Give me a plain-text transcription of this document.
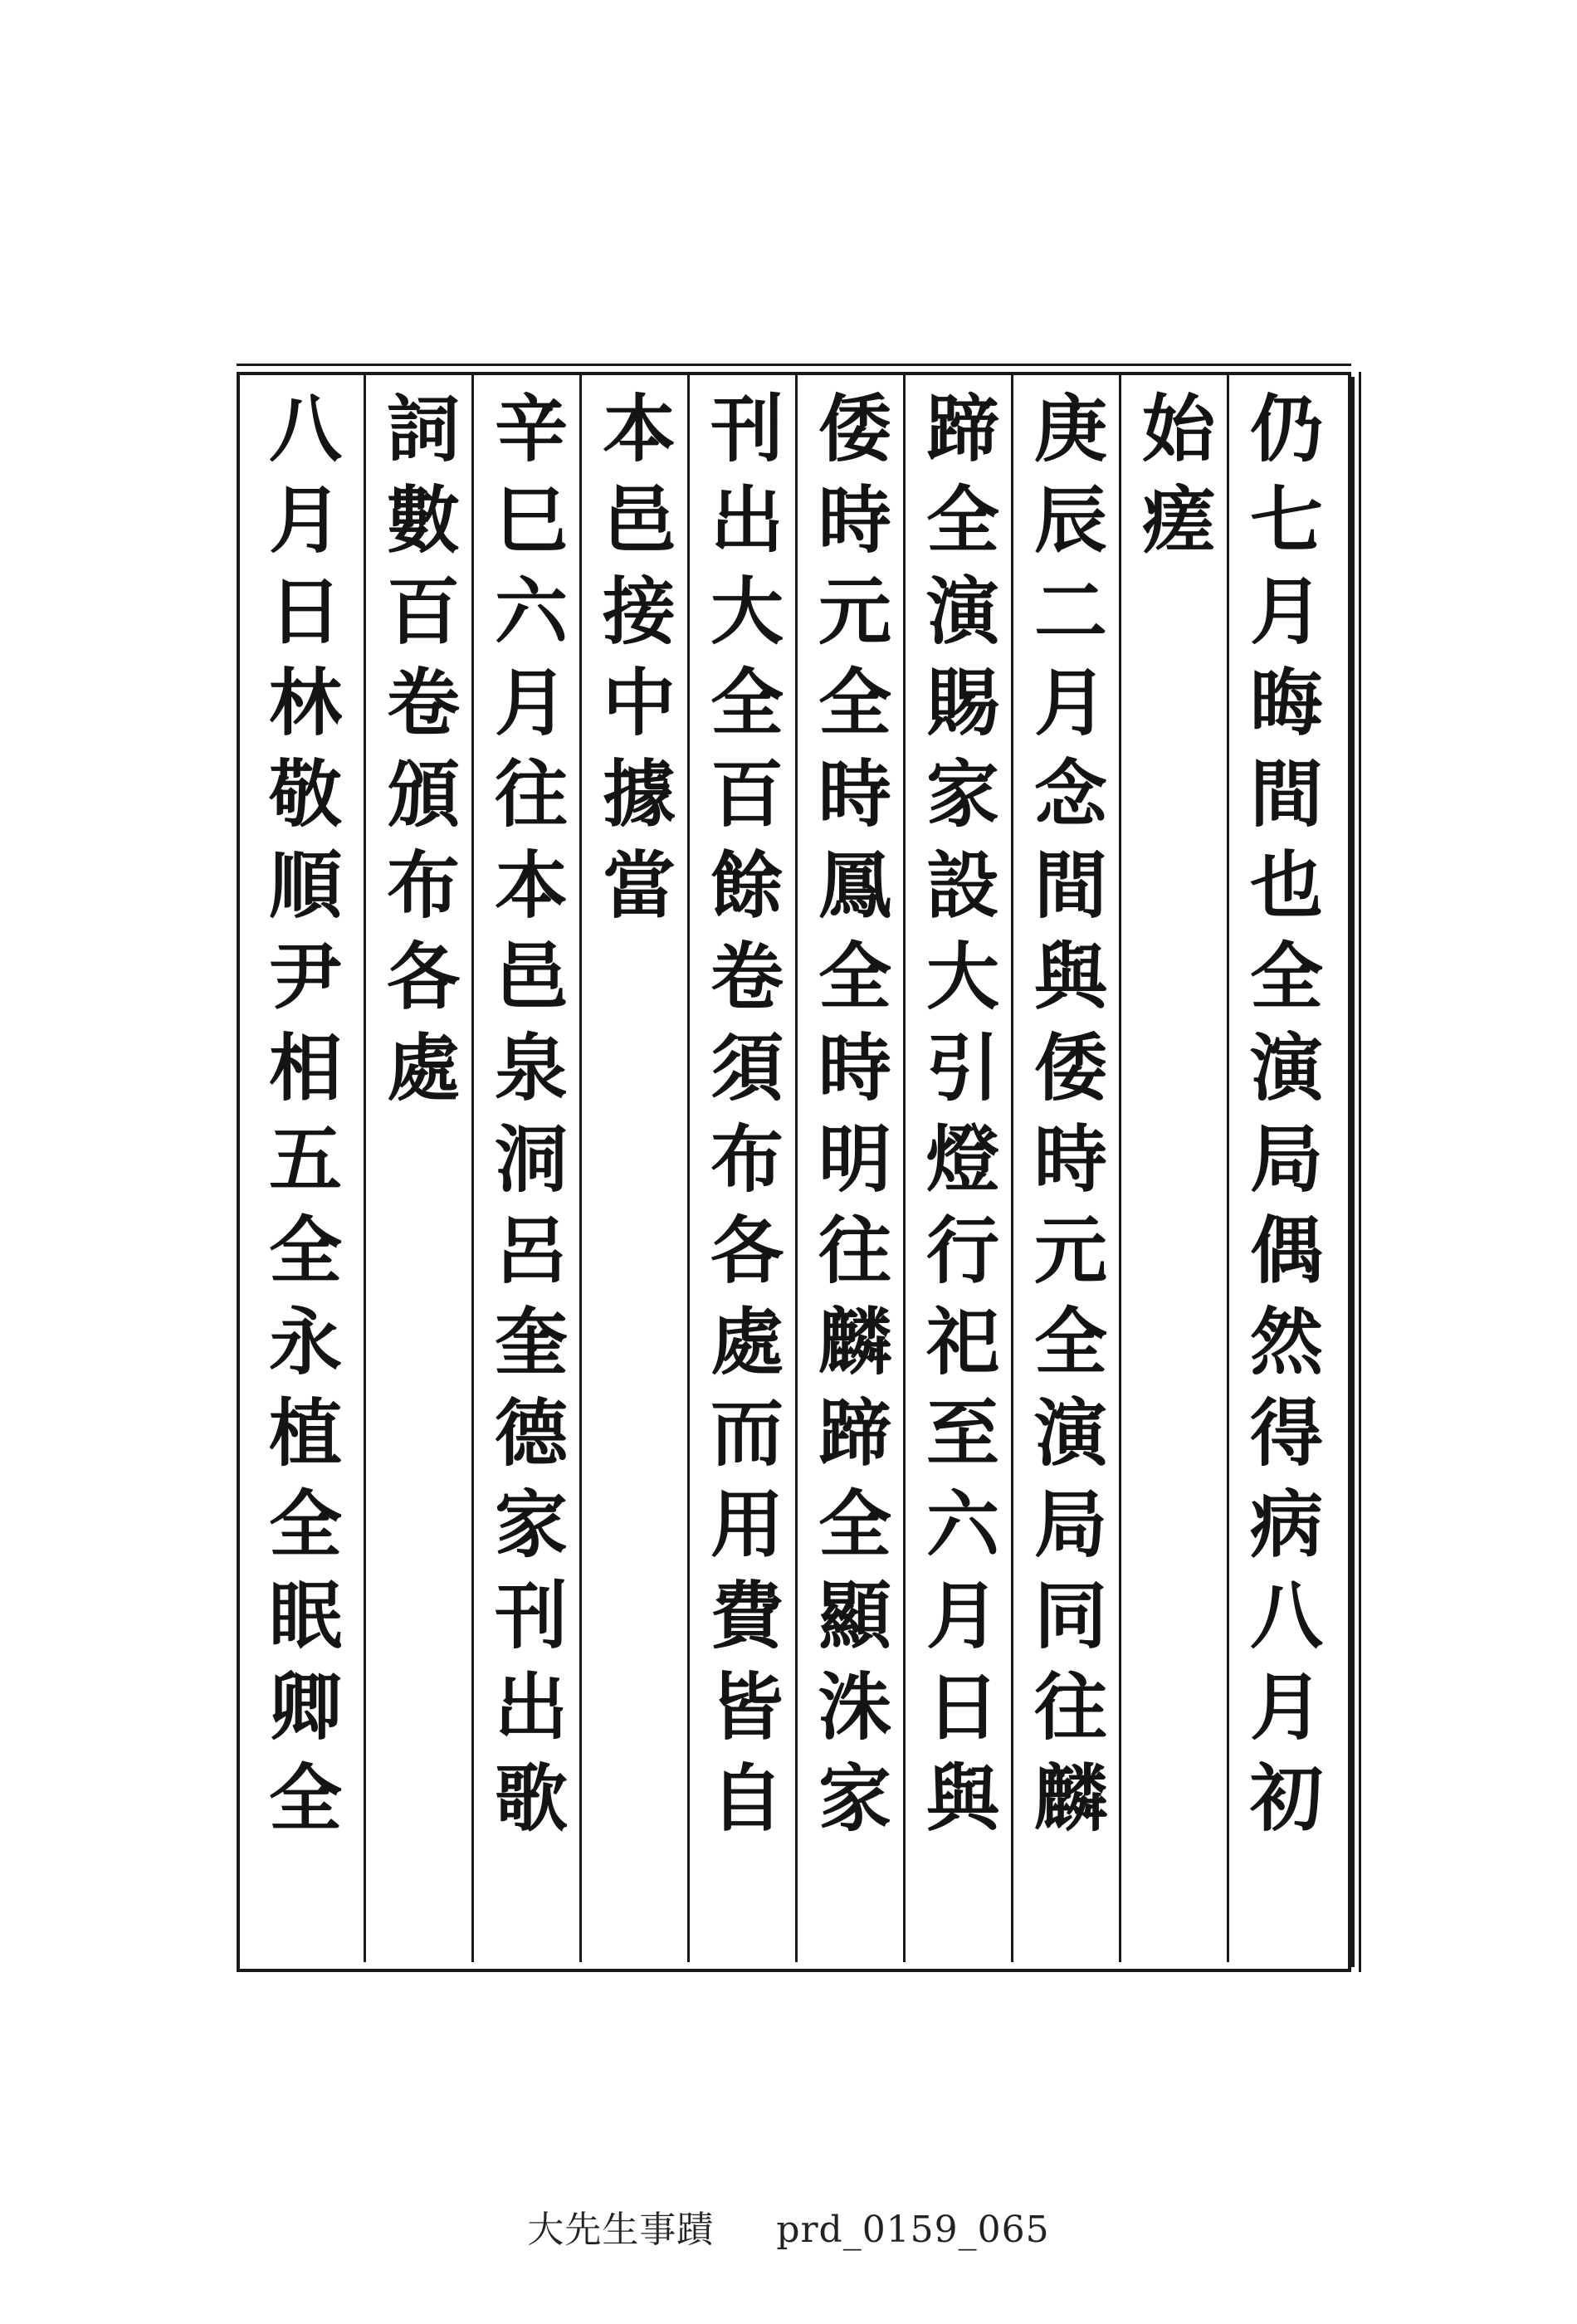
仍七月晦間也全演局偶然得病八月初
始瘥
庚辰二月念間與倭時元全演局同往麟
蹄全演賜家設大引燈行祀至六月日與
倭時元全時鳳全時明往麟蹄全顯洙家
刊出大全百餘卷須布各處而用費皆自
本邑接中據當
辛巳六月往本邑泉洞呂奎德家刊出歌
詞數百卷頒布各處
八月日林敬順尹相五全永植全眠卿全
大先生事蹟 prd_0159_065
